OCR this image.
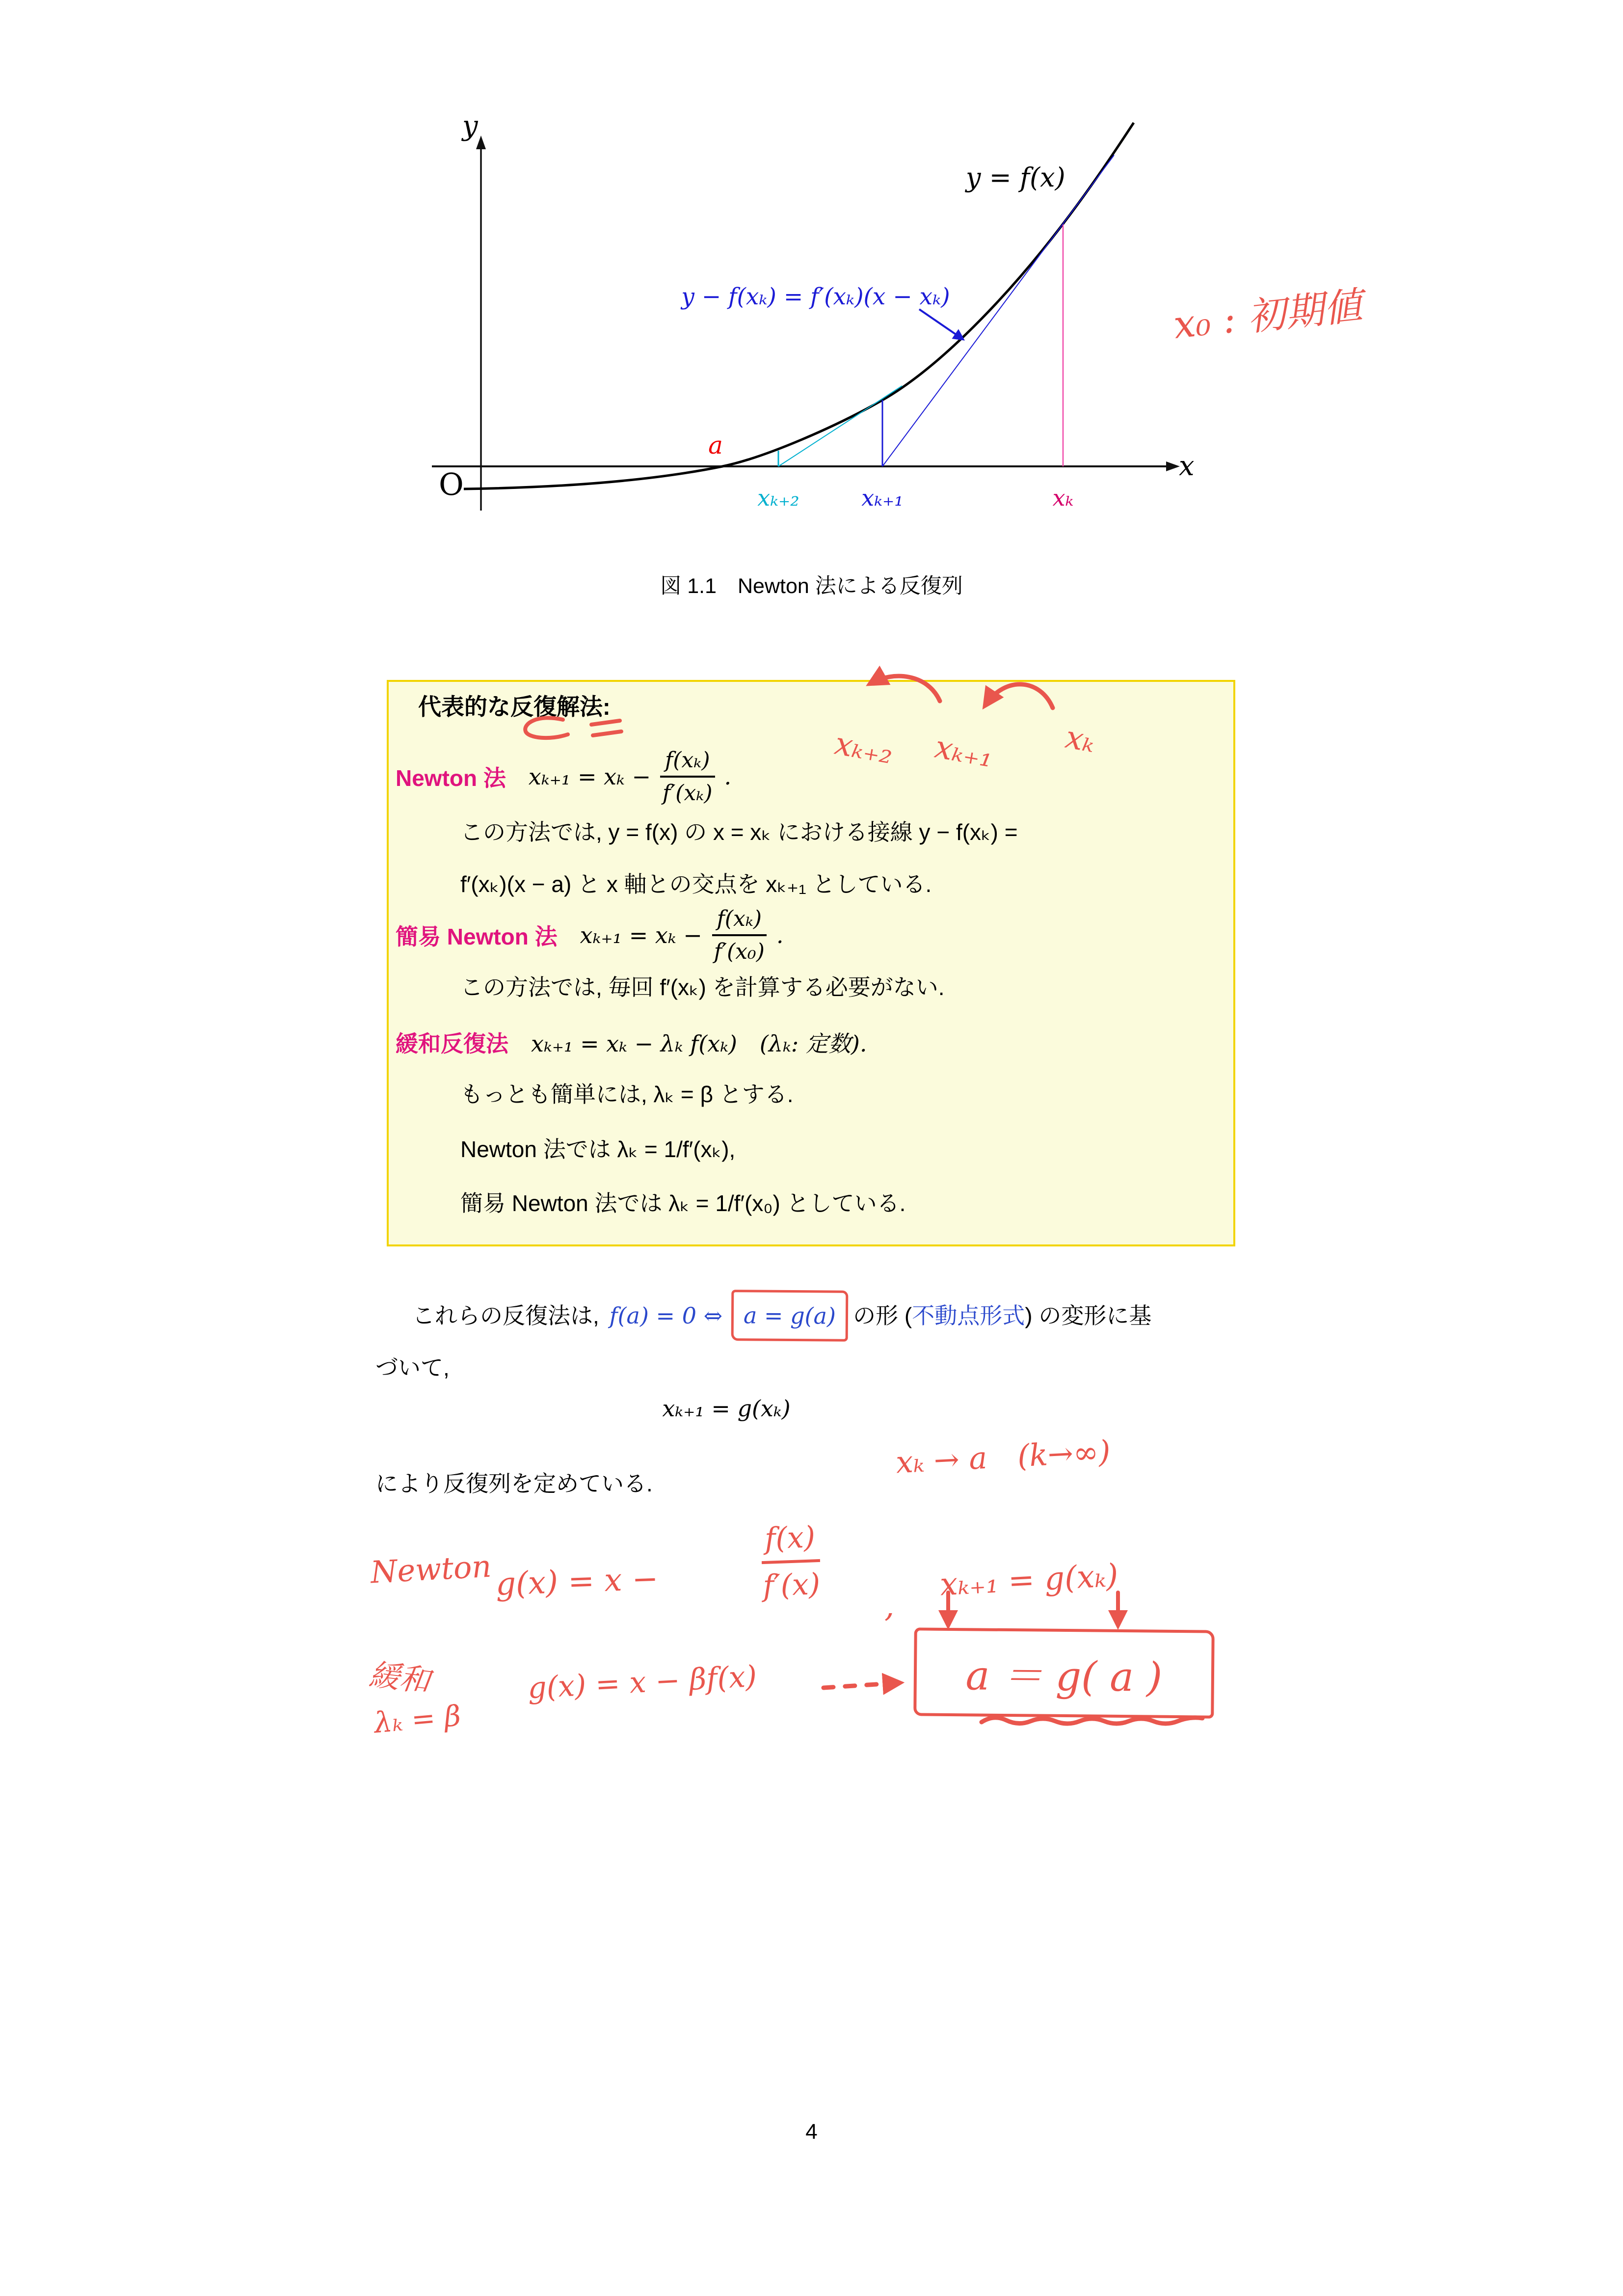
y
x
O
y = f(x)
y − f(xₖ) = f′(xₖ)(x − xₖ)
a
xₖ₊₂	xₖ₊₁	xₖ
x₀ : 初期値
図 1.1　Newton 法による反復列
代表的な反復解法:
xₖ₊₂ xₖ₊₁ xₖ
Newton 法 $x_{k+1} = x_k - \frac{\text{f(xₖ)}}{\text{f′(xₖ)}}$ .
この方法では, y = f(x) の x = xₖ における接線 y − f(xₖ) =
f′(xₖ)(x − a) と x 軸との交点を xₖ₊₁ としている.
簡易 Newton 法 $x_{k+1} = x_k - \frac{\text{f(xₖ)}}{\text{f′(x₀)}}$ .
この方法では, 毎回 f′(xₖ) を計算する必要がない.
緩和反復法 xₖ₊₁ = xₖ − λₖ f(xₖ)　(λₖ: 定数).
もっとも簡単には, λₖ = β とする.
Newton 法では λₖ = 1/f′(xₖ),
簡易 Newton 法では λₖ = 1/f′(x₀) としている.
これらの反復法は, f(a) = 0 ⇔ a = g(a) の形 ( 不動点形式 ) の変形に基
づいて,
xₖ₊₁ = g(xₖ)
xₖ → a　(k→∞)
により反復列を定めている.
Newton g(x) = x −	$\frac{f(x)}{f'(x)}$
,
xₖ₊₁ = g(xₖ)
緩和
λₖ = β
g(x) = x − βf(x)	a ＝ g( a )
4
